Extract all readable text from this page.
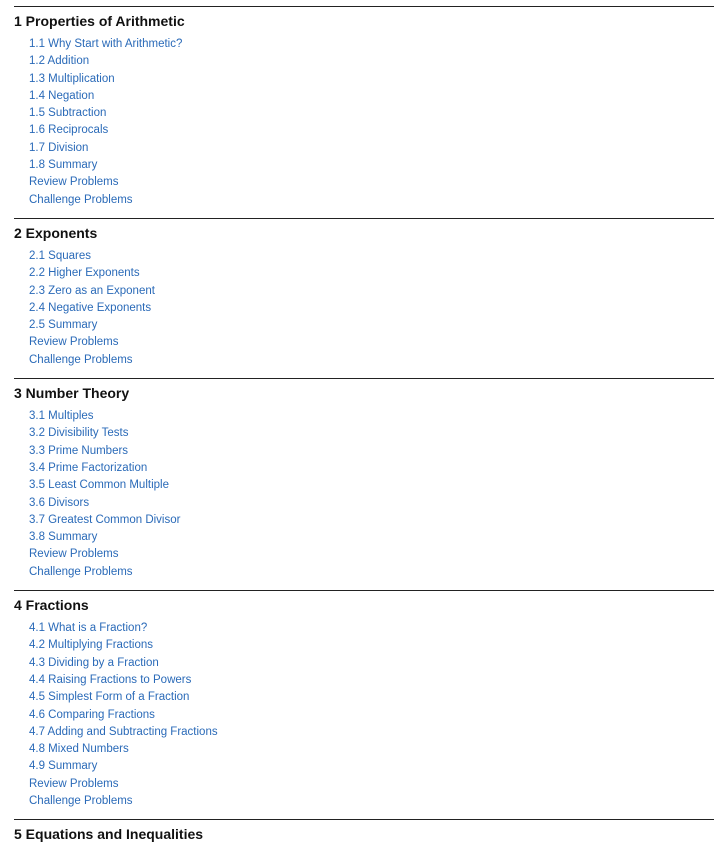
1 Properties of Arithmetic
1.1 Why Start with Arithmetic?
1.2 Addition
1.3 Multiplication
1.4 Negation
1.5 Subtraction
1.6 Reciprocals
1.7 Division
1.8 Summary
Review Problems
Challenge Problems
2 Exponents
2.1 Squares
2.2 Higher Exponents
2.3 Zero as an Exponent
2.4 Negative Exponents
2.5 Summary
Review Problems
Challenge Problems
3 Number Theory
3.1 Multiples
3.2 Divisibility Tests
3.3 Prime Numbers
3.4 Prime Factorization
3.5 Least Common Multiple
3.6 Divisors
3.7 Greatest Common Divisor
3.8 Summary
Review Problems
Challenge Problems
4 Fractions
4.1 What is a Fraction?
4.2 Multiplying Fractions
4.3 Dividing by a Fraction
4.4 Raising Fractions to Powers
4.5 Simplest Form of a Fraction
4.6 Comparing Fractions
4.7 Adding and Subtracting Fractions
4.8 Mixed Numbers
4.9 Summary
Review Problems
Challenge Problems
5 Equations and Inequalities
